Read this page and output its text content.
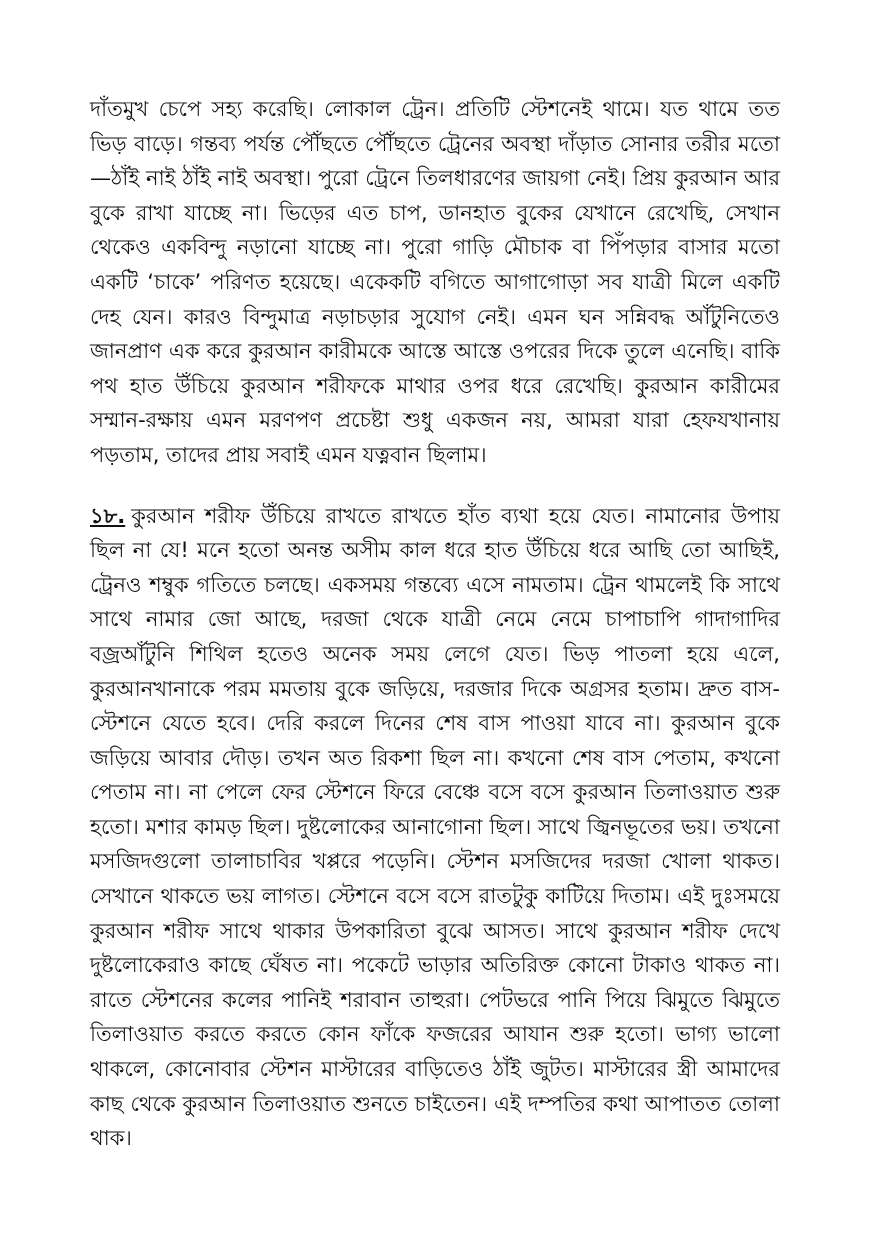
দাঁতমুখ চেপে সহ্য করেছি। লোকাল ট্রেন। প্রতিটি স্টেশনেই থামে। যত থামে তত ভিড় বাড়ে। গন্তব্য পর্যন্ত পৌঁছতে পৌঁছতে ট্রেনের অবস্থা দাঁড়াত সোনার তরীর মতো—ঠাঁই নাই ঠাঁই নাই অবস্থা। পুরো ট্রেনে তিলধারণের জায়গা নেই। প্রিয় কুরআন আর বুকে রাখা যাচ্ছে না। ভিড়ের এত চাপ, ডানহাত বুকের যেখানে রেখেছি, সেখান থেকেও একবিন্দু নড়ানো যাচ্ছে না। পুরো গাড়ি মৌচাক বা পিঁপড়ার বাসার মতো একটি ‘চাকে’ পরিণত হয়েছে। একেকটি বগিতে আগাগোড়া সব যাত্রী মিলে একটি দেহ যেন। কারও বিন্দুমাত্র নড়াচড়ার সুযোগ নেই। এমন ঘন সন্নিবদ্ধ আঁটুনিতেও জানপ্রাণ এক করে কুরআন কারীমকে আস্তে আস্তে ওপরের দিকে তুলে এনেছি। বাকি পথ হাত উঁচিয়ে কুরআন শরীফকে মাথার ওপর ধরে রেখেছি। কুরআন কারীমের সম্মান-রক্ষায় এমন মরণপণ প্রচেষ্টা শুধু একজন নয়, আমরা যারা হেফযখানায় পড়তাম, তাদের প্রায় সবাই এমন যত্নবান ছিলাম।

১৮. কুরআন শরীফ উঁচিয়ে রাখতে রাখতে হাঁত ব্যথা হয়ে যেত। নামানোর উপায় ছিল না যে! মনে হতো অনন্ত অসীম কাল ধরে হাত উঁচিয়ে ধরে আছি তো আছিই, ট্রেনও শম্বুক গতিতে চলছে। একসময় গন্তব্যে এসে নামতাম। ট্রেন থামলেই কি সাথে সাথে নামার জো আছে, দরজা থেকে যাত্রী নেমে নেমে চাপাচাপি গাদাগাদির বজ্রআঁটুনি শিথিল হতেও অনেক সময় লেগে যেত। ভিড় পাতলা হয়ে এলে, কুরআনখানাকে পরম মমতায় বুকে জড়িয়ে, দরজার দিকে অগ্রসর হতাম। দ্রুত বাস-স্টেশনে যেতে হবে। দেরি করলে দিনের শেষ বাস পাওয়া যাবে না। কুরআন বুকে জড়িয়ে আবার দৌড়। তখন অত রিকশা ছিল না। কখনো শেষ বাস পেতাম, কখনো পেতাম না। না পেলে ফের স্টেশনে ফিরে বেঞ্চে বসে বসে কুরআন তিলাওয়াত শুরু হতো। মশার কামড় ছিল। দুষ্টলোকের আনাগোনা ছিল। সাথে জ্বিনভূতের ভয়। তখনো মসজিদগুলো তালাচাবির খপ্পরে পড়েনি। স্টেশন মসজিদের দরজা খোলা থাকত। সেখানে থাকতে ভয় লাগত। স্টেশনে বসে বসে রাতটুকু কাটিয়ে দিতাম। এই দুঃসময়ে কুরআন শরীফ সাথে থাকার উপকারিতা বুঝে আসত। সাথে কুরআন শরীফ দেখে দুষ্টলোকেরাও কাছে ঘেঁষত না। পকেটে ভাড়ার অতিরিক্ত কোনো টাকাও থাকত না। রাতে স্টেশনের কলের পানিই শরাবান তাহুরা। পেটভরে পানি পিয়ে ঝিমুতে ঝিমুতে তিলাওয়াত করতে করতে কোন ফাঁকে ফজরের আযান শুরু হতো। ভাগ্য ভালো থাকলে, কোনোবার স্টেশন মাস্টারের বাড়িতেও ঠাঁই জুটত। মাস্টারের স্ত্রী আমাদের কাছ থেকে কুরআন তিলাওয়াত শুনতে চাইতেন। এই দম্পতির কথা আপাতত তোলা থাক।
